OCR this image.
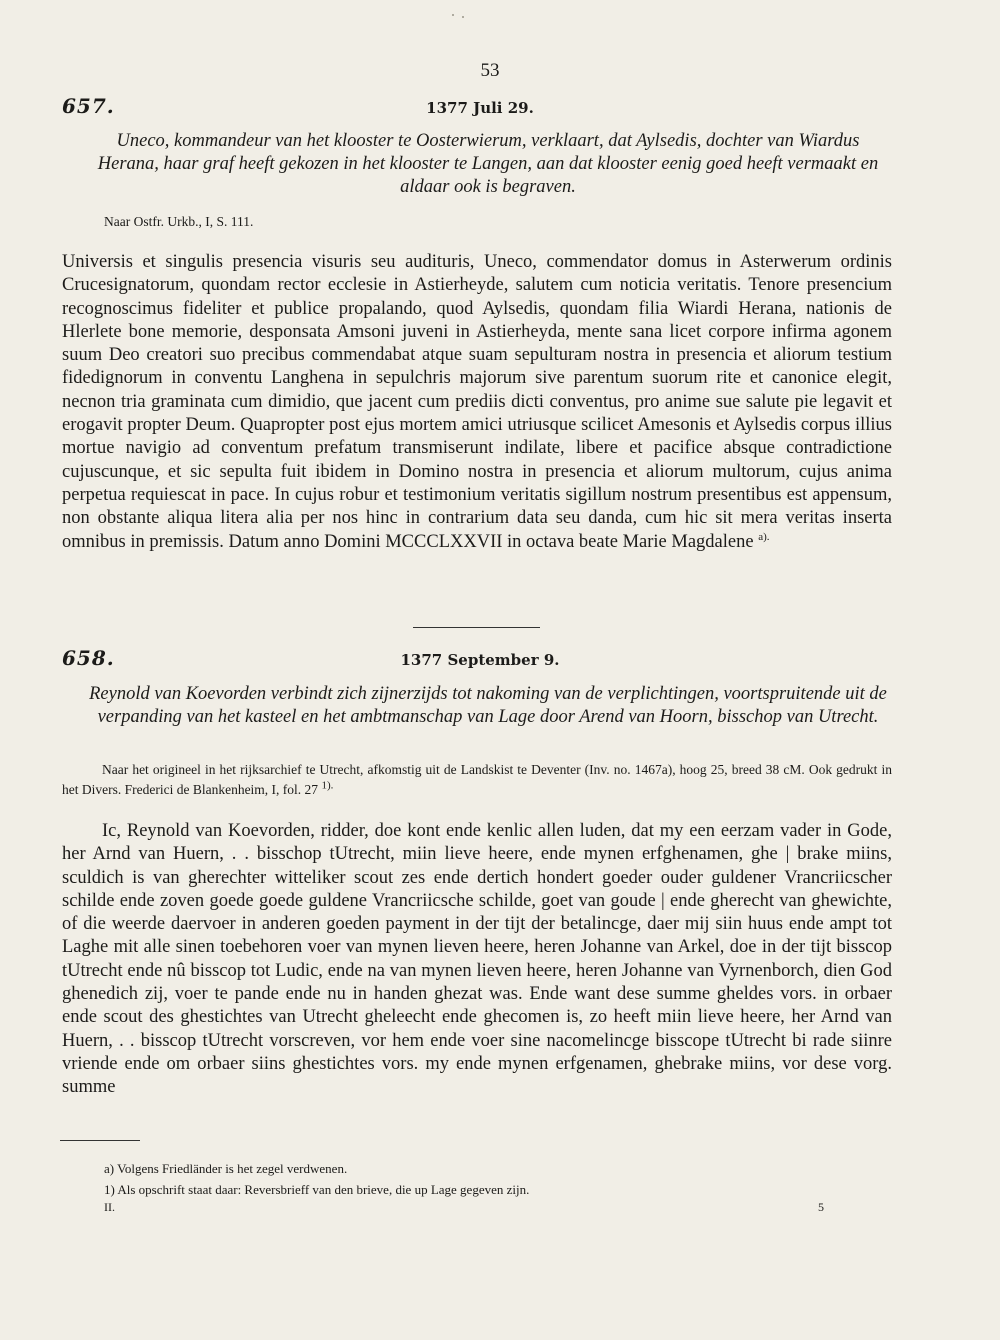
53
657.	1377 Juli 29.
Uneco, kommandeur van het klooster te Oosterwierum, verklaart, dat Aylsedis, dochter van Wiardus Herana, haar graf heeft gekozen in het klooster te Langen, aan dat klooster eenig goed heeft vermaakt en aldaar ook is begraven.
Naar Ostfr. Urkb., I, S. 111.

Universis et singulis presencia visuris seu audituris, Uneco, commendator domus in Asterwerum ordinis Crucesignatorum, quondam rector ecclesie in Astierheyde, salutem cum noticia veritatis. Tenore presencium recognoscimus fideliter et publice propalando, quod Aylsedis, quondam filia Wiardi Herana, nationis de Hlerlete bone memorie, desponsata Amsoni juveni in Astierheyda, mente sana licet corpore infirma agonem suum Deo creatori suo precibus commendabat atque suam sepulturam nostra in presencia et aliorum testium fidedignorum in conventu Langhena in sepulchris majorum sive parentum suorum rite et canonice elegit, necnon tria graminata cum dimidio, que jacent cum prediis dicti conventus, pro anime sue salute pie legavit et erogavit propter Deum. Quapropter post ejus mortem amici utriusque scilicet Amesonis et Aylsedis corpus illius mortue navigio ad conventum prefatum transmiserunt indilate, libere et pacifice absque contradictione cujuscunque, et sic sepulta fuit ibidem in Domino nostra in presencia et aliorum multorum, cujus anima perpetua requiescat in pace. In cujus robur et testimonium veritatis sigillum nostrum presentibus est appensum, non obstante aliqua litera alia per nos hinc in contrarium data seu danda, cum hic sit mera veritas inserta omnibus in premissis. Datum anno Domini MCCCLXXVII in octava beate Marie Magdalene $^{a).}$

658.	1377 September 9.
Reynold van Koevorden verbindt zich zijnerzijds tot nakoming van de verplichtingen, voortspruitende uit de verpanding van het kasteel en het ambtmanschap van Lage door Arend van Hoorn, bisschop van Utrecht.
Naar het origineel in het rijksarchief te Utrecht, afkomstig uit de Landskist te Deventer (Inv. no. 1467a), hoog 25, breed 38 cM. Ook gedrukt in het Divers. Frederici de Blankenheim, I, fol. 27 $^{1).}$

Ic, Reynold van Koevorden, ridder, doe kont ende kenlic allen luden, dat my een eerzam vader in Gode, her Arnd van Huern, . . bisschop tUtrecht, miin lieve heere, ende mynen erfghenamen, ghe | brake miins, sculdich is van gherechter witteliker scout zes ende dertich hondert goeder ouder guldener Vrancriicscher schilde ende zoven goede goede guldene Vrancriicsche schilde, goet van goude | ende gherecht van ghewichte, of die weerde daervoer in anderen goeden payment in der tijt der betalincge, daer mij siin huus ende ampt tot Laghe mit alle sinen toebehoren voer van mynen lieven heere, heren Johanne van Arkel, doe in der tijt bisscop tUtrecht ende nû bisscop tot Ludic, ende na van mynen lieven heere, heren Johanne van Vyrnenborch, dien God ghenedich zij, voer te pande ende nu in handen ghezat was. Ende want dese summe gheldes vors. in orbaer ende scout des ghestichtes van Utrecht gheleecht ende ghecomen is, zo heeft miin lieve heere, her Arnd van Huern, . . bisscop tUtrecht vorscreven, vor hem ende voer sine nacomelincge bisscope tUtrecht bi rade siinre vriende ende om orbaer siins ghestichtes vors. my ende mynen erfgenamen, ghebrake miins, vor dese vorg. summe

a) Volgens Friedländer is het zegel verdwenen.
1) Als opschrift staat daar: Reversbrieff van den brieve, die up Lage gegeven zijn.
II.	5
